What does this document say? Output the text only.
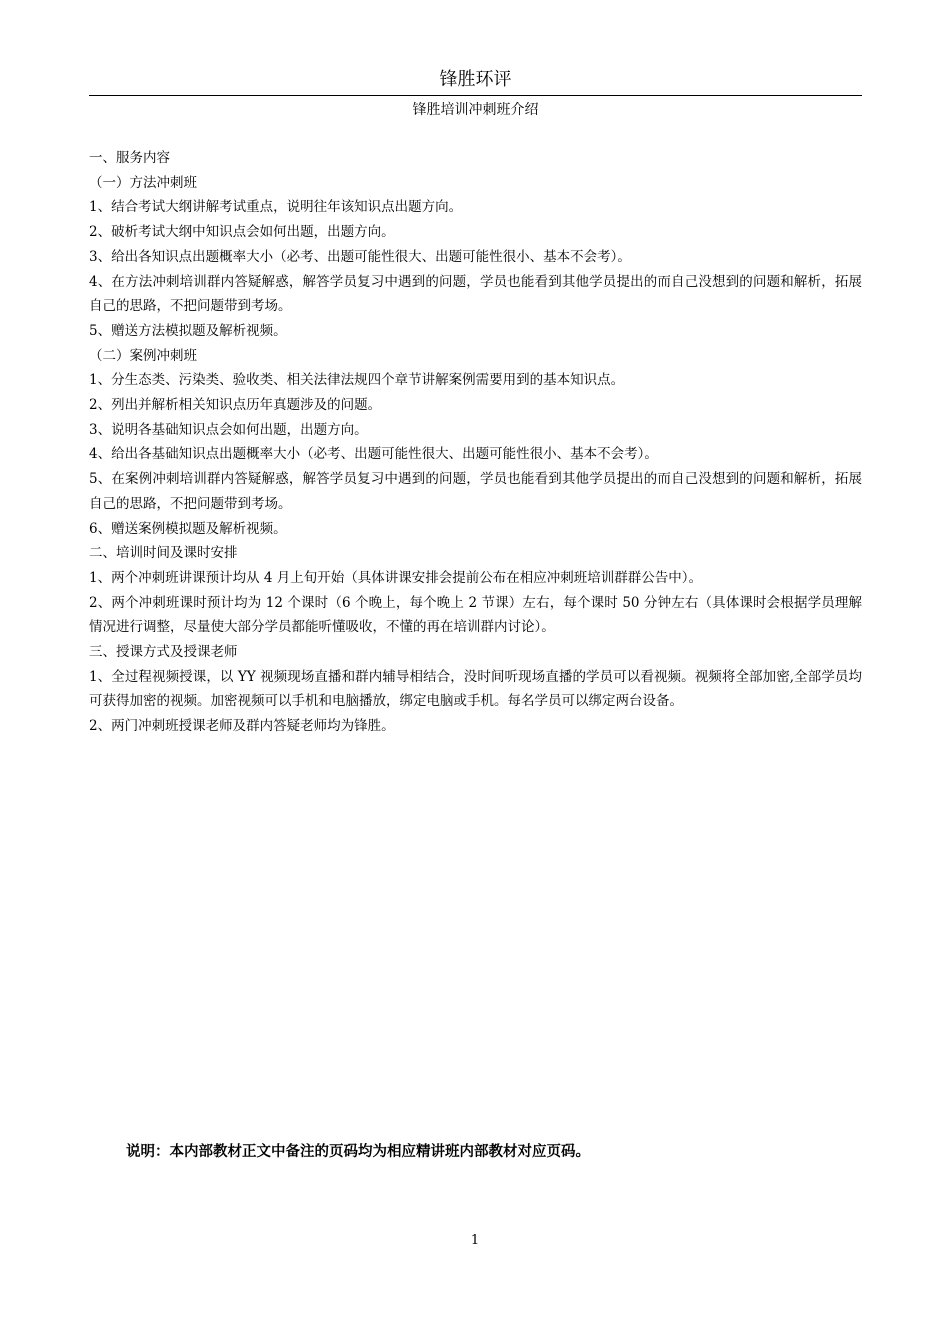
锋胜环评
锋胜培训冲刺班介绍

一、服务内容

（一）方法冲刺班

1、结合考试大纲讲解考试重点，说明往年该知识点出题方向。

2、破析考试大纲中知识点会如何出题，出题方向。

3、给出各知识点出题概率大小（必考、出题可能性很大、出题可能性很小、基本不会考）。

4、在方法冲刺培训群内答疑解惑，解答学员复习中遇到的问题，学员也能看到其他学员提出的而自己没想到的问题和解析，拓展自己的思路，不把问题带到考场。

5、赠送方法模拟题及解析视频。

（二）案例冲刺班

1、分生态类、污染类、验收类、相关法律法规四个章节讲解案例需要用到的基本知识点。

2、列出并解析相关知识点历年真题涉及的问题。

3、说明各基础知识点会如何出题，出题方向。

4、给出各基础知识点出题概率大小（必考、出题可能性很大、出题可能性很小、基本不会考）。

5、在案例冲刺培训群内答疑解惑，解答学员复习中遇到的问题，学员也能看到其他学员提出的而自己没想到的问题和解析，拓展自己的思路，不把问题带到考场。

6、赠送案例模拟题及解析视频。

二、培训时间及课时安排

1、两个冲刺班讲课预计均从 4 月上旬开始（具体讲课安排会提前公布在相应冲刺班培训群群公告中）。

2、两个冲刺班课时预计均为 12 个课时（6 个晚上，每个晚上 2 节课）左右，每个课时 50 分钟左右（具体课时会根据学员理解情况进行调整，尽量使大部分学员都能听懂吸收，不懂的再在培训群内讨论）。

三、授课方式及授课老师

1、全过程视频授课，以 YY 视频现场直播和群内辅导相结合，没时间听现场直播的学员可以看视频。视频将全部加密,全部学员均可获得加密的视频。加密视频可以手机和电脑播放，绑定电脑或手机。每名学员可以绑定两台设备。

2、两门冲刺班授课老师及群内答疑老师均为锋胜。

说明：本内部教材正文中备注的页码均为相应精讲班内部教材对应页码。
1
